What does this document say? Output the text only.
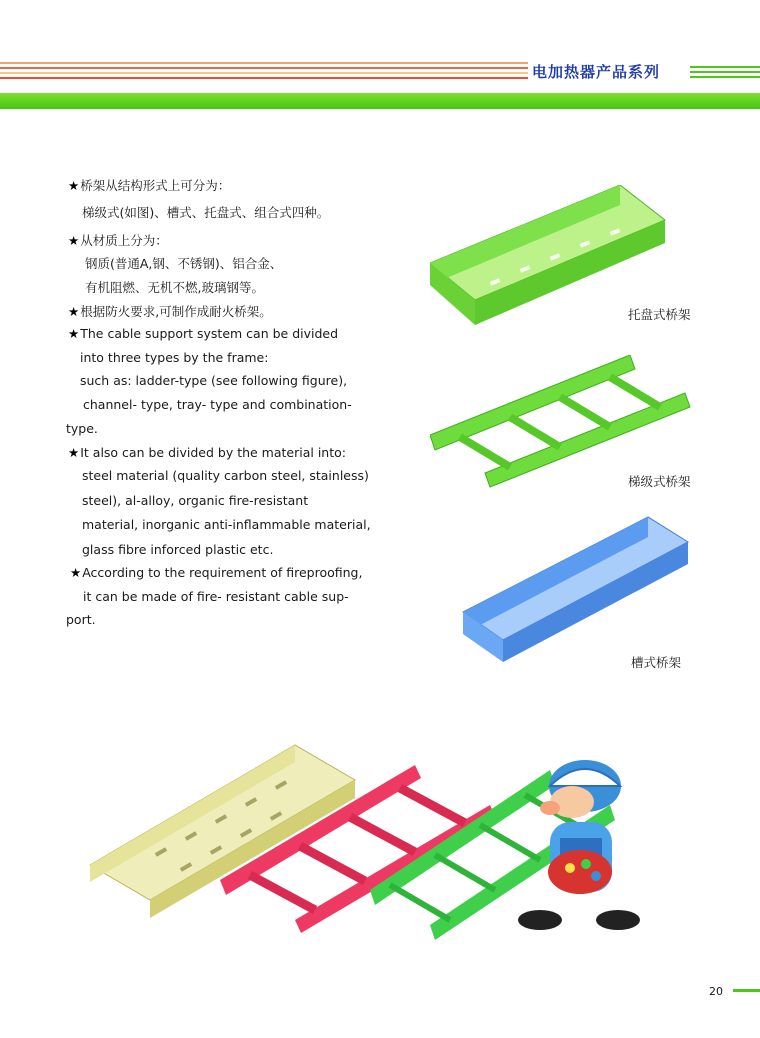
电加热器产品系列
★桥架从结构形式上可分为：
梯级式(如图)、槽式、托盘式、组合式四种。
★从材质上分为：
钢质(普通A,钢、不锈钢)、铝合金、
有机阻燃、无机不燃,玻璃钢等。
★根据防火要求,可制作成耐火桥架。
★The cable support system can be divided
into three types by the frame:
such as: ladder-type (see following figure),
channel- type, tray- type and combination-
type.
★It also can be divided by the material into:
steel material (quality carbon steel, stainless)
steel), al-alloy, organic fire-resistant
material, inorganic anti-inflammable material,
glass fibre inforced plastic etc.
★According to the requirement of fireproofing,
it can be made of fire- resistant cable sup-
port.
托盘式桥架
梯级式桥架
槽式桥架
20
